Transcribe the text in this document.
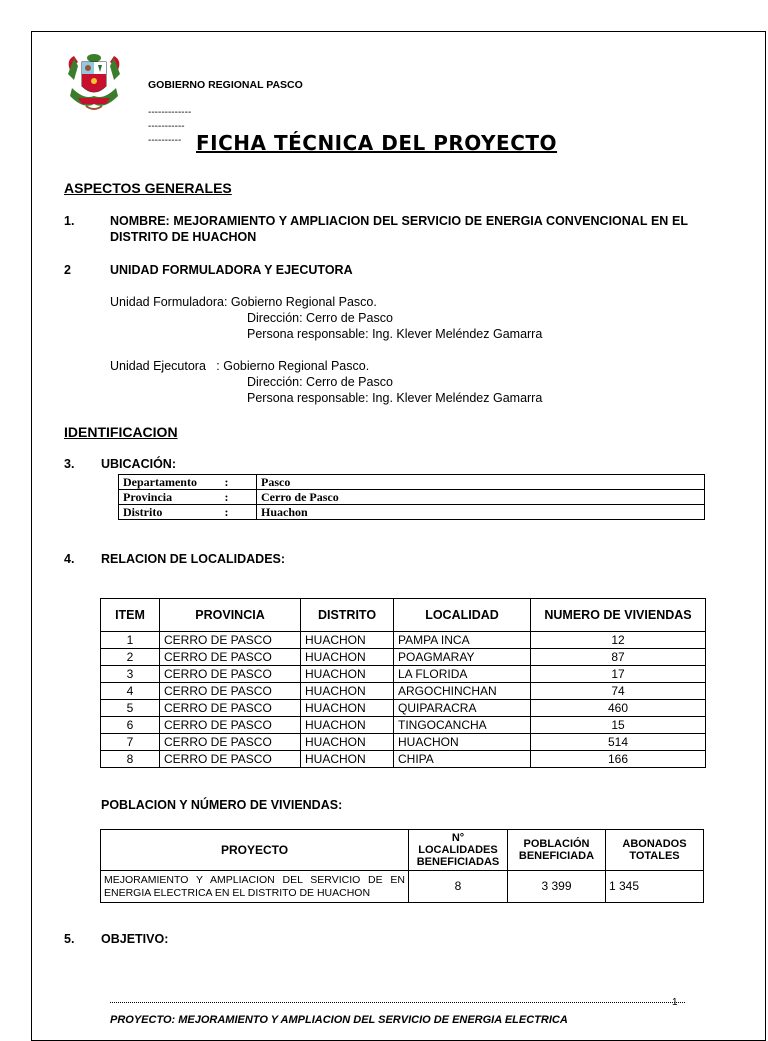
GOBIERNO REGIONAL PASCO
-------------
-----------
---------- FICHA TÉCNICA DEL PROYECTO
ASPECTOS GENERALES
1.	NOMBRE: MEJORAMIENTO Y AMPLIACION DEL SERVICIO DE ENERGIA CONVENCIONAL EN EL DISTRITO DE HUACHON
2	UNIDAD FORMULADORA Y EJECUTORA
Unidad Formuladora: Gobierno Regional Pasco.
Dirección: Cerro de Pasco
Persona responsable: Ing. Klever Meléndez Gamarra
Unidad Ejecutora   : Gobierno Regional Pasco.
Dirección: Cerro de Pasco
Persona responsable: Ing. Klever Meléndez Gamarra
IDENTIFICACION
3. UBICACIÓN:
Departamento :	Pasco
Provincia :	Cerro de Pasco
Distrito :	Huachon
4. RELACION DE LOCALIDADES:
ITEM	PROVINCIA	DISTRITO	LOCALIDAD	NUMERO DE VIVIENDAS
1	CERRO DE PASCO	HUACHON	PAMPA INCA	12
2	CERRO DE PASCO	HUACHON	POAGMARAY	87
3	CERRO DE PASCO	HUACHON	LA FLORIDA	17
4	CERRO DE PASCO	HUACHON	ARGOCHINCHAN	74
5	CERRO DE PASCO	HUACHON	QUIPARACRA	460
6	CERRO DE PASCO	HUACHON	TINGOCANCHA	15
7	CERRO DE PASCO	HUACHON	HUACHON	514
8	CERRO DE PASCO	HUACHON	CHIPA	166
POBLACION Y NÚMERO DE VIVIENDAS:
PROYECTO	N° LOCALIDADES BENEFICIADAS	POBLACIÓN BENEFICIADA	ABONADOS TOTALES
MEJORAMIENTO Y AMPLIACION DEL SERVICIO DE EN ENERGIA ELECTRICA EN EL DISTRITO DE HUACHON	8	3 399	1 345
5. OBJETIVO:
1
PROYECTO: MEJORAMIENTO Y AMPLIACION DEL SERVICIO DE ENERGIA ELECTRICA
